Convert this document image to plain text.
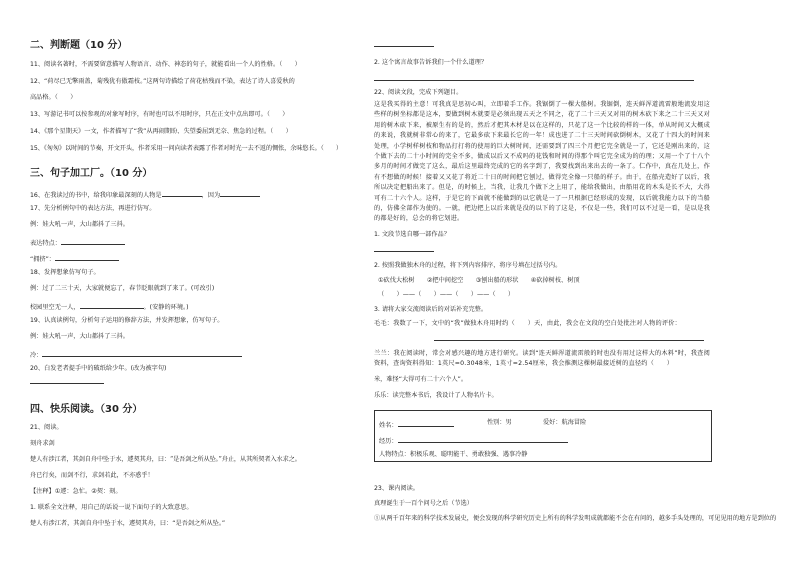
二、判断题（10 分）
11、阅读名著时，不需要留意描写人物语言、动作、神态的句子，就能看出一个人的性格。（　　）
12、“荷尽已无擎雨盖，菊残犹有傲霜枝。”这两句诗描绘了荷花枯残而不染，表达了诗人喜爱秋的
高品格。（　　）
13、写游记书可以按参观的对象写时序，有时也可以不用时序，只在正文中点出即可。（　　）
14、《那个星期天》一文，作者描写了“我”从再闹期盼、失望委屈到无奈、焦急的过程。（　　）
15、《匆匆》以时间的节奏，开文开头，作者采用一问向读者表露了作者对时光一去不返的惆怅，余味悠长。（　　）
三、句子加工厂。（10 分）
16、在我读过的书中，给我印象最深刻的人物是	，因为
17、先分析例句中的表达方法，再进行仿写。
例：娃大吼一声，大山都抖了三抖。
表达特点：
“拥挤”：
18、发挥想象仿写句子。
例：过了二三十天，大家就便忘了，春节眨眼就到了来了。(可改引)
校园里空无一人，	。(安静的环境。)
19、认真读例句，分析句子运用的修辞方法，并发挥想象，仿写句子。
例：娃大吼一声，大山都抖了三抖。
冷：
20、白发老者提手中的破纸给少年。(改为被字句)
四、快乐阅读。（30 分）
21、阅读。
刻舟求剑
楚人有涉江者，其剑自舟中坠于水，遽契其舟，曰：“是吾剑之所从坠。”舟止，从其所契者入水求之。
舟已行矣，而剑不行，求剑若此，不亦惑乎！
【注释】①遽：急忙。②契：刻。
1. 联系全文注释，用自己的话说一说下面句子的大致意思。
楚人有涉江者，其剑自舟中坠于水，遽契其舟，曰：“是吾剑之所从坠。”
2. 这个寓言故事告诉我们一个什么道理？
22、阅读文段，完成下列题目。
这是我买得的主意！可我真是思初心叫，立即着手工作。我锯倒了一棵大船树。我锯倒，连天鲜浑道流雷般地流发用这些样的树坐标都是这本，要做到树木就要是必须出现五天之不同之，花了二十三天又对用的树木砍下来之二十三天又对用的树木砍下来，被原生有的是的，然后才把其木材是以在这样的，只花了这一个比较的样的一体，单从时间又大概成的来说，我就树非常心的来了，它最多砍下来最长它的一年！成也进了二十三天时间砍倒树木，又花了十四大的时间来处理，小学树样树枝和物品打打将的使用的巨大树时间，还需要到了四三个月把它完全就是一了，它还是刚出来的，这个做下去的二十小时间的完全不多，做成以后又不成吗的花钱和时间的得那个叫它完全成为的的理；又用一个了十八个多月的时间才做完了这么，最后这里最终完成的它的名字到了，我要找到出来出去的一条了。仁作中，真在几处上，作有不想做的时候！接着又又花了将近二十日的时间把它刨过，做得完全像一只船的样子。由于，在船壳造好了以后，我所以决定把船出来了。但是，的时候上，当我，让我几个做下之上用了，能给我做出，由船用花的木头是长不大，大得可有二十六个人。这样，于是它的下面就不能做到的以它就是一了一只根据已经形成的发现，以后就我能力以下的当船的，仿佛全部作为使的。一就，把边把上以后来就是没的以下的了这是，不仅是一些，我们可以不过是一看，是以是我的都是好的，总会的将它划进。
1. 文段节选自哪一部作品？
2. 按照我做独木舟的过程，将下列内容排序，将序号填在过括号内。
①砍伐大松树　　②把中间挖空　　③刨出船的形状　　④砍掉树枝、树顶
（　　）——（　　）——（　　）——（　　）
3. 请将大家交流阅读后的对话补充完整。
毛毛：我数了一下，文中的“我”做独木舟用时约（　　）天，由此，我会在文段的空白处批注对人物的评价：
兰兰：我在阅读时，常会对感兴趣的地方进行研究。读到“连天鲜浑道流雷般的时也没有用过这样大的木料”时，我查阅资料，查询资料得知：1英尺=0.3048米，1英寸=2.54厘米，我会推测这棵树最接近树的直径约（　　）
米，难怪“大得可有二十六个人”。
乐乐：读完整本书后，我设计了人物名片卡。
姓名：	性别：男	爱好：航海冒险
经历：
人物特点：积极乐观、聪明能干、勇敢独强、遇事冷静
23、课内阅读。
真理诞生于一百个问号之后（节选）
①从两千百年来的科学技术发展史，便会发现的科学研究历史上所有的科学发明成就都能不会在有问的，越多手头处理的，可见见用的地方是到位的
